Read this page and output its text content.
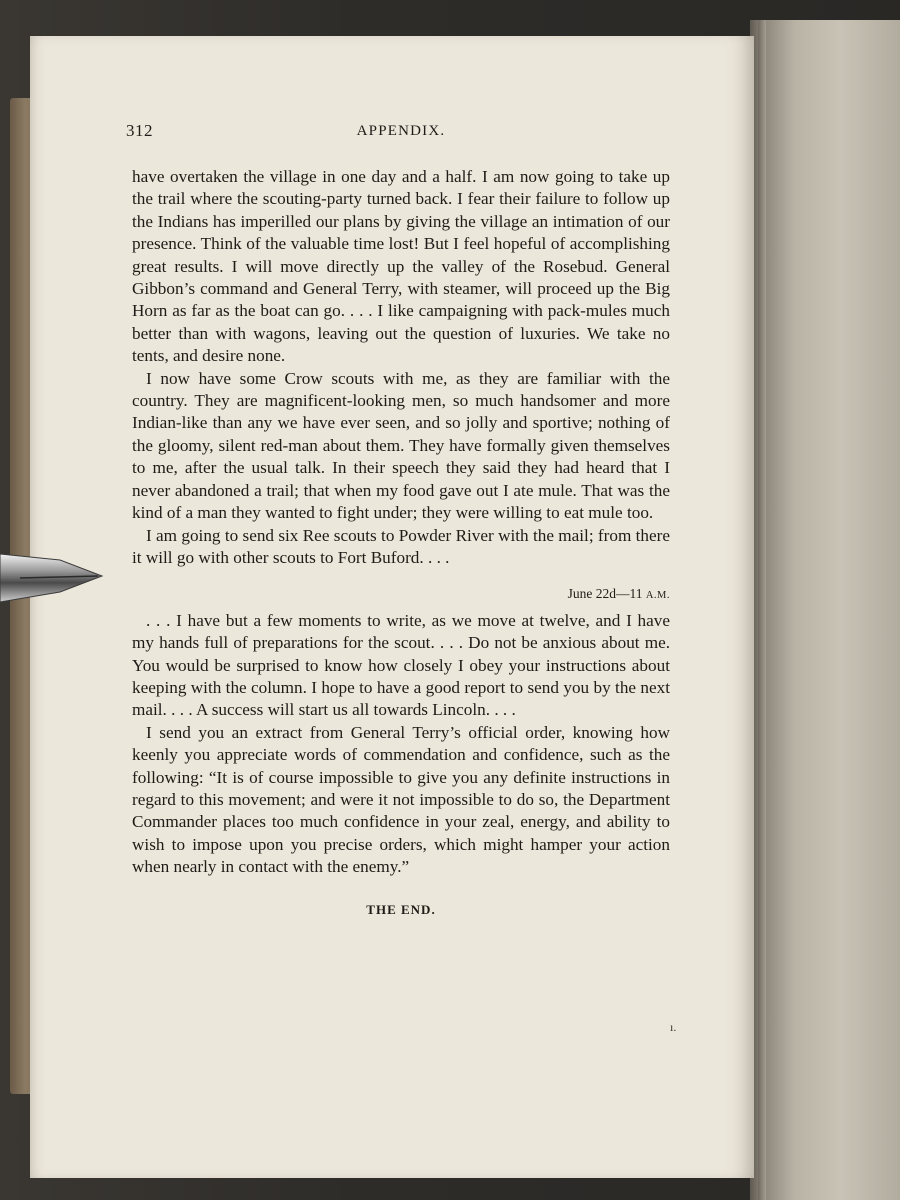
312	APPENDIX.

have overtaken the village in one day and a half. I am now going to take up the trail where the scouting-party turned back. I fear their failure to follow up the Indians has imperilled our plans by giving the village an intimation of our presence. Think of the valuable time lost! But I feel hopeful of accomplishing great results. I will move directly up the valley of the Rosebud. General Gibbon’s command and General Terry, with steamer, will proceed up the Big Horn as far as the boat can go. . . . I like campaigning with pack-mules much better than with wagons, leaving out the question of luxuries. We take no tents, and desire none.

I now have some Crow scouts with me, as they are familiar with the country. They are magnificent-looking men, so much handsomer and more Indian-like than any we have ever seen, and so jolly and sportive; nothing of the gloomy, silent red-man about them. They have formally given themselves to me, after the usual talk. In their speech they said they had heard that I never abandoned a trail; that when my food gave out I ate mule. That was the kind of a man they wanted to fight under; they were willing to eat mule too.

I am going to send six Ree scouts to Powder River with the mail; from there it will go with other scouts to Fort Buford. . . .

June 22d—11 A.M.

. . . I have but a few moments to write, as we move at twelve, and I have my hands full of preparations for the scout. . . . Do not be anxious about me. You would be surprised to know how closely I obey your instructions about keeping with the column. I hope to have a good report to send you by the next mail. . . . A success will start us all towards Lincoln. . . .

I send you an extract from General Terry’s official order, knowing how keenly you appreciate words of commendation and confidence, such as the following: “It is of course impossible to give you any definite instructions in regard to this movement; and were it not impossible to do so, the Department Commander places too much confidence in your zeal, energy, and ability to wish to impose upon you precise orders, which might hamper your action when nearly in contact with the enemy.”

THE END.
ı.
